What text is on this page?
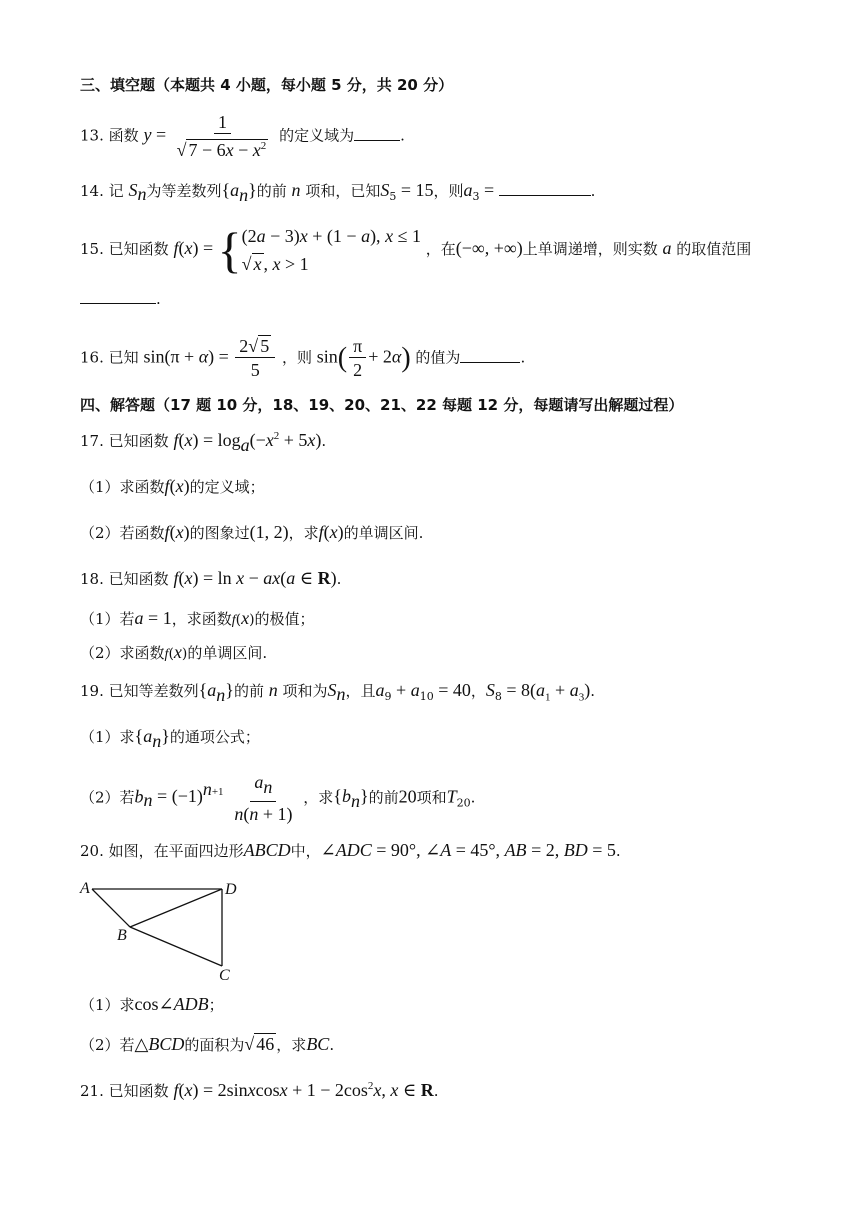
三、填空题（本题共 4 小题，每小题 5 分，共 20 分）
13. 函数 $y = \frac{1}{√ 7 - 6x - x^2}$ 的定义域为	.
14. 记 $S_n$为等差数列$\{a_n\}$的前 n 项和，已知$S_5 = 15$，则$a_3$ =	.
15. 已知函数 f(x) = { (2a − 3)x + (1 − a), x ≤ 1
√ x , x > 1
，在(−∞, +∞)上单调递增，则实数 a 的取值范围
.
16. 已知 $\sin(\pi + \alpha) = \frac{2√ 5}{5}$ ，则 $\sin( \frac{\pi}{2} + 2\alpha)$ 的值为	.
四、解答题（17 题 10 分，18、19、20、21、22 每题 12 分，每题请写出解题过程）
17. 已知函数 $f(x) = \log_a(-x^2 + 5x)$.
（1）求函数f(x)的定义域；
（2）若函数f(x)的图象过(1, 2)，求f(x)的单调区间.
18. 已知函数 f(x) = ln x − ax(a ∈ R).
（1）若a = 1，求函数f(x)的极值；
（2）求函数f(x)的单调区间.
19. 已知等差数列$\{a_n\}$的前 n 项和为$S_n$，且$a_9 + a_{10} = 40$，$S_8 = 8(a_1 + a_3)$.
（1）求$\{a_n\}$的通项公式；
（2）若$b_n = (-1)^{n+1} \frac{a_n}{n(n + 1)}$ ，求$\{b_n\}$的前20项和$T_{20}$.
20. 如图，在平面四边形ABCD中，∠ADC = 90°, ∠A = 45°, AB = 2, BD = 5.
A	D
B
C
（1）求cos∠ADB；
（2）若△BCD的面积为√ 46 ，求BC.
21. 已知函数 f(x) = 2sinxcosx + $1 - 2\cos^2x$, x ∈ R.
